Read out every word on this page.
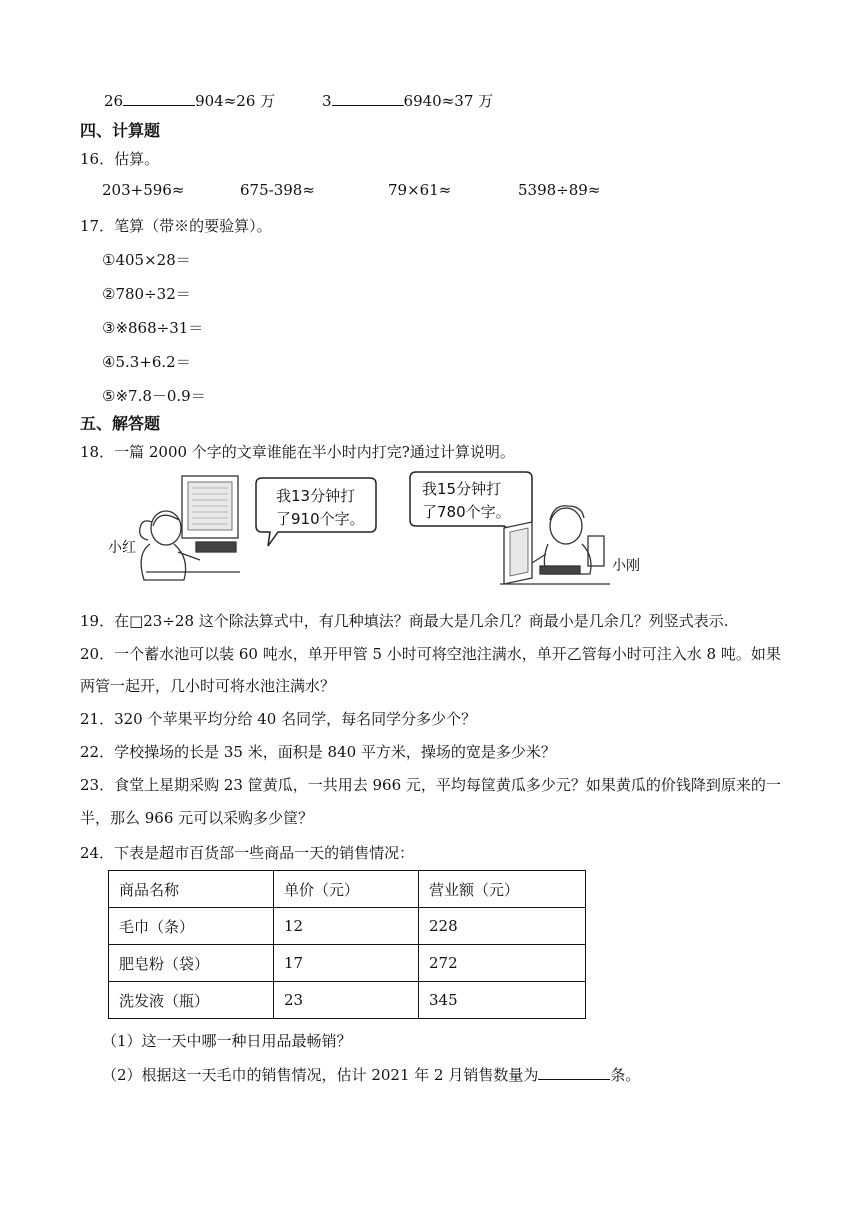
26	904≈26 万	3	6940≈37 万
四、计算题
16．估算。
203+596≈	675-398≈	79×61≈	5398÷89≈
17．笔算（带※的要验算）。
①405×28＝
②780÷32＝
③※868÷31＝
④5.3+6.2＝
⑤※7.8－0.9＝
五、解答题
18．一篇 2000 个字的文章谁能在半小时内打完?通过计算说明。
我13分钟打
了910个字。
小红
我15分钟打
了780个字。
小刚
19．在□23÷28 这个除法算式中，有几种填法？商最大是几余几？商最小是几余几？列竖式表示.
20．一个蓄水池可以装 60 吨水，单开甲管 5 小时可将空池注满水，单开乙管每小时可注入水 8 吨。如果
两管一起开，几小时可将水池注满水？
21．320 个苹果平均分给 40 名同学，每名同学分多少个？
22．学校操场的长是 35 米，面积是 840 平方米，操场的宽是多少米？
23．食堂上星期采购 23 筐黄瓜，一共用去 966 元，平均每筐黄瓜多少元？如果黄瓜的价钱降到原来的一
半，那么 966 元可以采购多少筐？
24．下表是超市百货部一些商品一天的销售情况：
商品名称	单价（元）	营业额（元）
毛巾（条）	12	228
肥皂粉（袋）	17	272
洗发液（瓶）	23	345
（1）这一天中哪一种日用品最畅销？
（2）根据这一天毛巾的销售情况，估计 2021 年 2 月销售数量为	条。
